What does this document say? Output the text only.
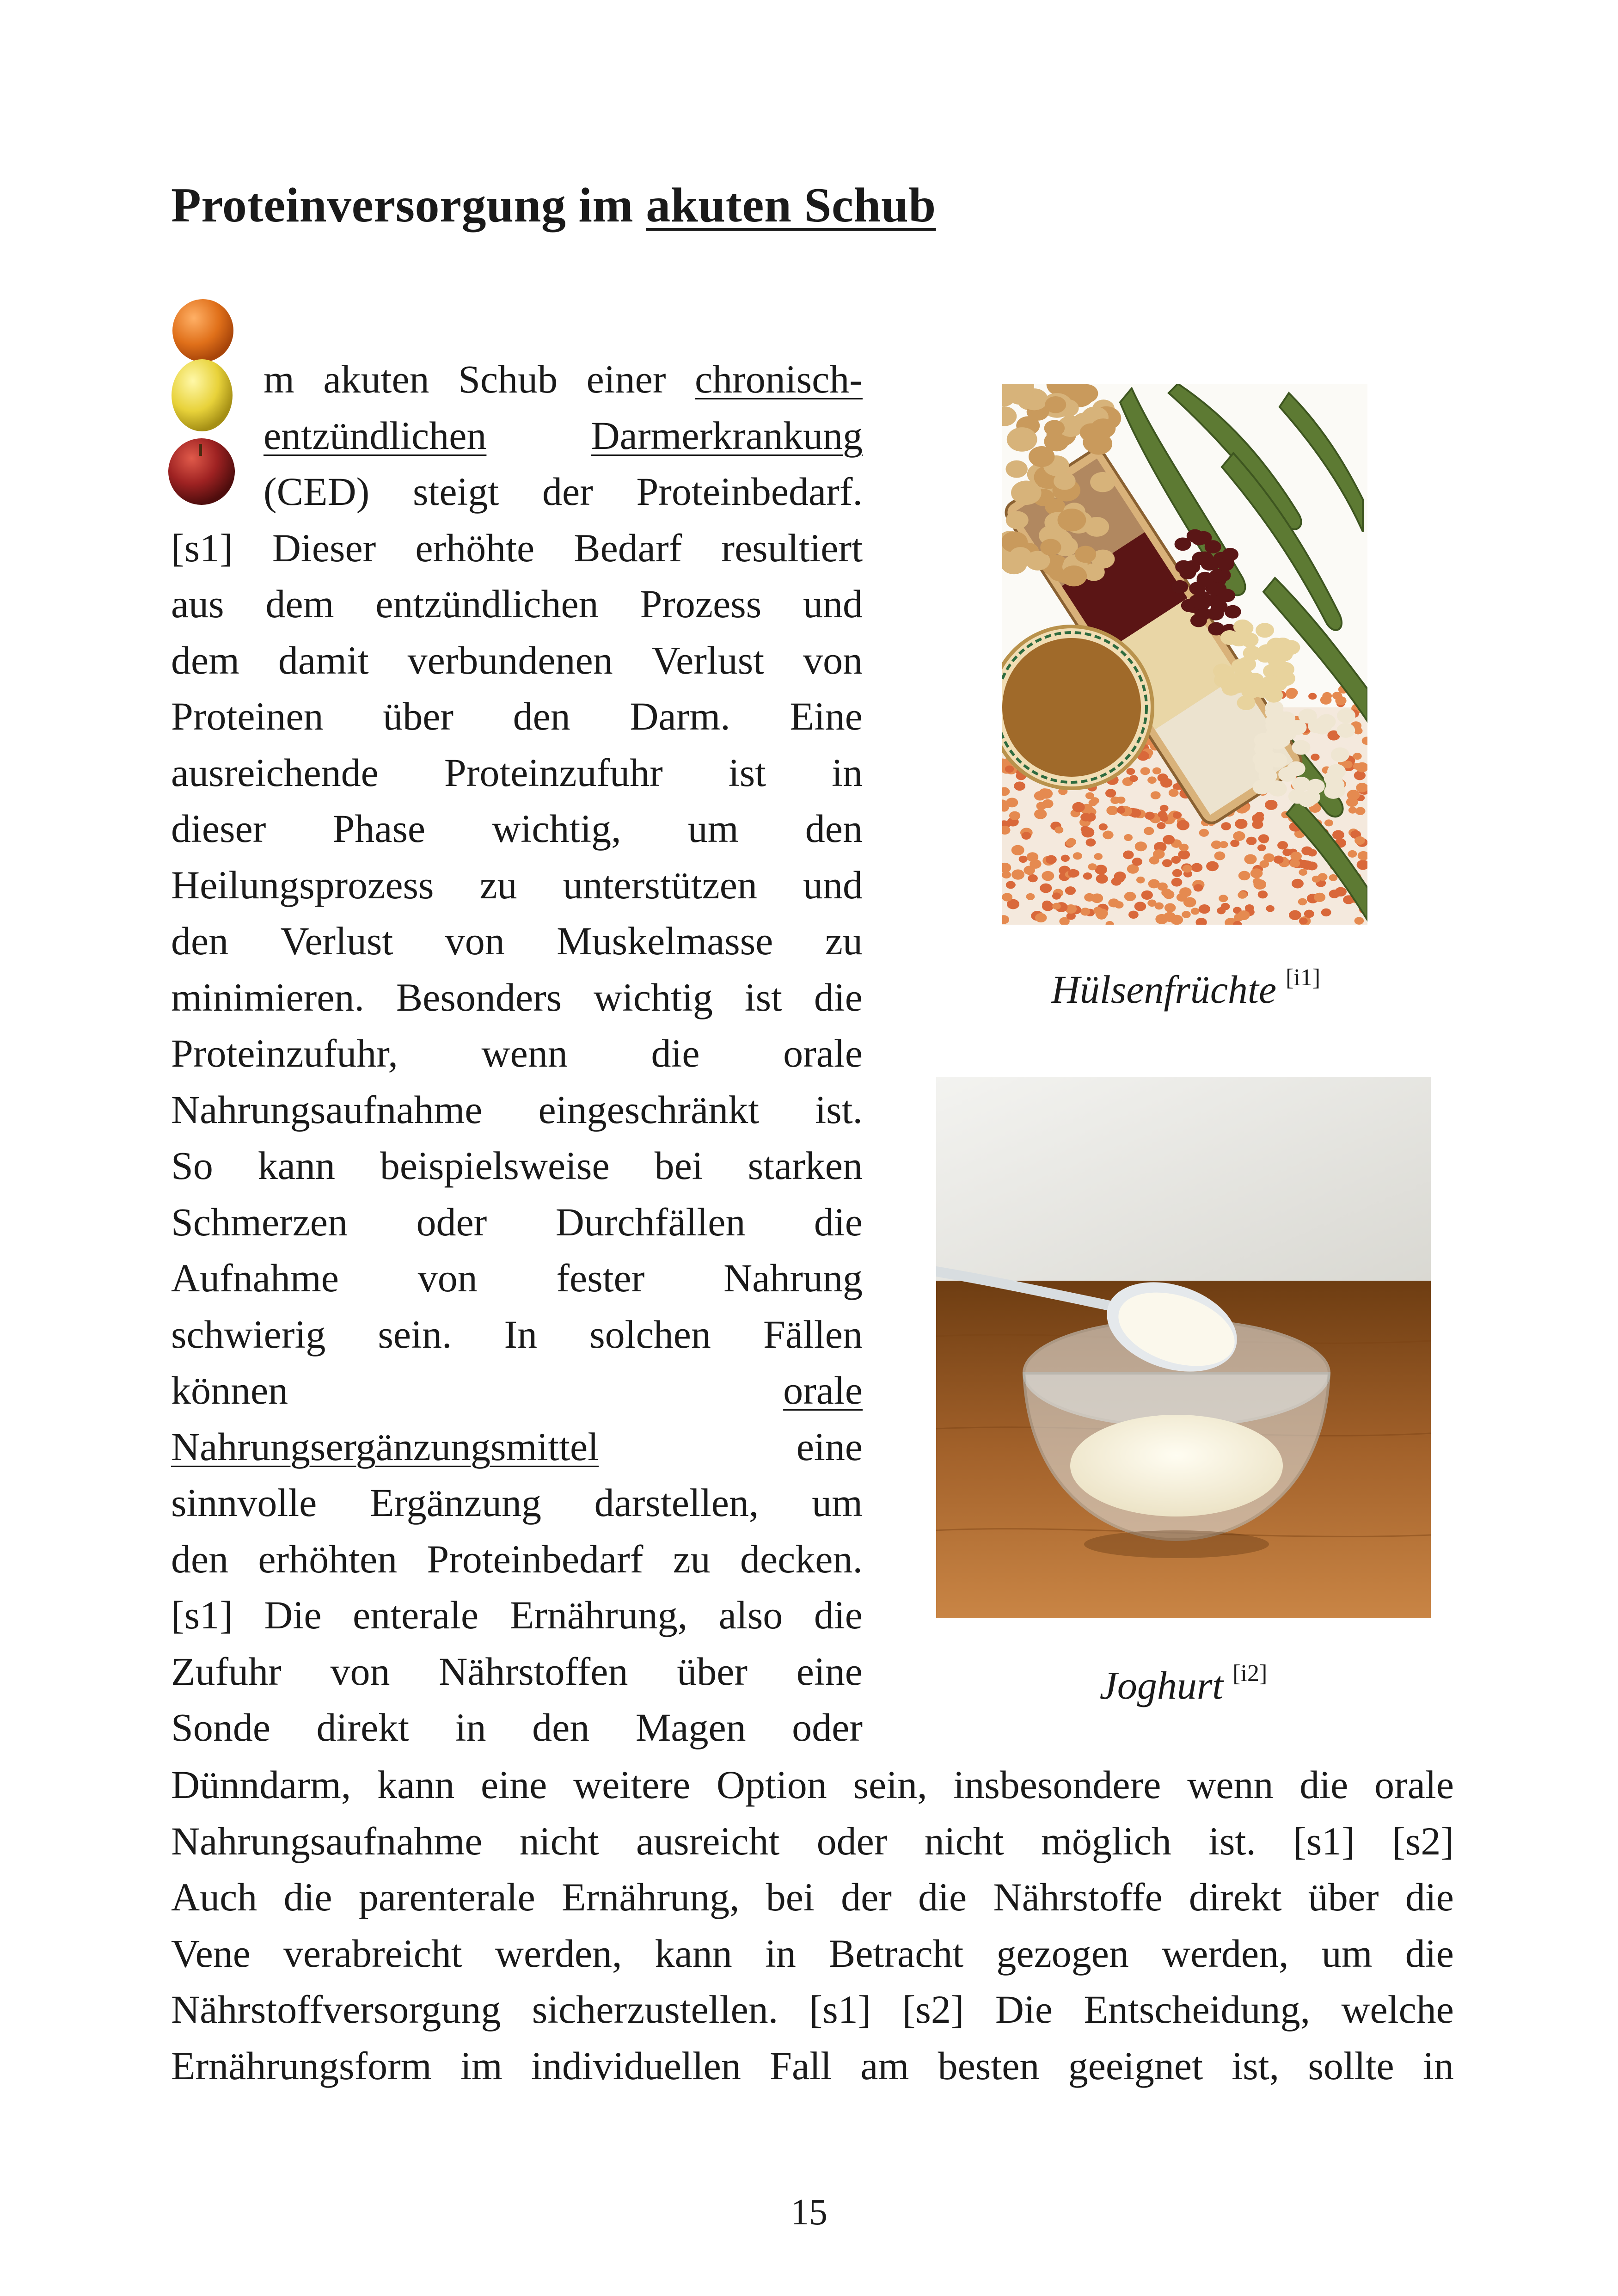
Proteinversorgung im akuten Schub
m akuten Schub einer chronisch-
entzündlichen	Darmerkrankung
(CED) steigt der Proteinbedarf.
[s1] Dieser erhöhte Bedarf resultiert
aus dem entzündlichen Prozess und
dem damit verbundenen Verlust von
Proteinen über den Darm. Eine
ausreichende Proteinzufuhr ist in
dieser Phase wichtig, um den
Heilungsprozess zu unterstützen und
den Verlust von Muskelmasse zu
minimieren. Besonders wichtig ist die
Proteinzufuhr, wenn die orale
Nahrungsaufnahme eingeschränkt ist.
So kann beispielsweise bei starken
Schmerzen oder Durchfällen die
Aufnahme von fester Nahrung
schwierig sein. In solchen Fällen
können	orale
Nahrungsergänzungsmittel	eine
sinnvolle Ergänzung darstellen, um
den erhöhten Proteinbedarf zu decken.
[s1] Die enterale Ernährung, also die
Zufuhr von Nährstoffen über eine
Sonde direkt in den Magen oder
Dünndarm, kann eine weitere Option sein, insbesondere wenn die orale
Nahrungsaufnahme nicht ausreicht oder nicht möglich ist. [s1] [s2]
Auch die parenterale Ernährung, bei der die Nährstoffe direkt über die
Vene verabreicht werden, kann in Betracht gezogen werden, um die
Nährstoffversorgung sicherzustellen. [s1] [s2] Die Entscheidung, welche
Ernährungsform im individuellen Fall am besten geeignet ist, sollte in
Hülsenfrüchte [i1]
Joghurt [i2]
15
